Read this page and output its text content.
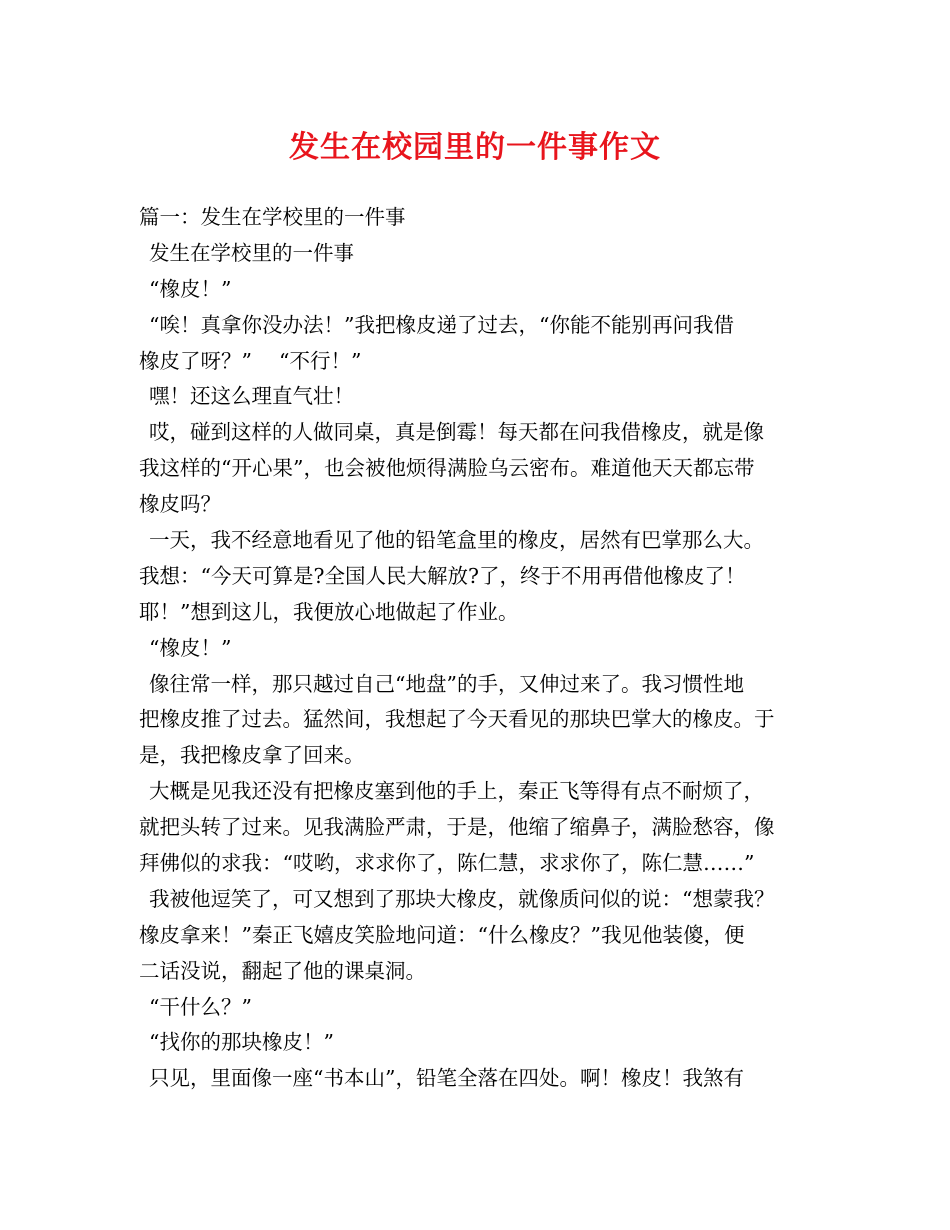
发生在校园里的一件事作文
篇一：发生在学校里的一件事
发生在学校里的一件事
“橡皮！”
“唉！真拿你没办法！”我把橡皮递了过去，“你能不能别再问我借
橡皮了呀？”　 “不行！”
嘿！还这么理直气壮！
哎，碰到这样的人做同桌，真是倒霉！每天都在问我借橡皮，就是像
我这样的“开心果”，也会被他烦得满脸乌云密布。难道他天天都忘带
橡皮吗？
一天，我不经意地看见了他的铅笔盒里的橡皮，居然有巴掌那么大。
我想：“今天可算是?全国人民大解放?了，终于不用再借他橡皮了！
耶！”想到这儿，我便放心地做起了作业。
“橡皮！”
像往常一样，那只越过自己“地盘”的手，又伸过来了。我习惯性地
把橡皮推了过去。猛然间，我想起了今天看见的那块巴掌大的橡皮。于
是，我把橡皮拿了回来。
大概是见我还没有把橡皮塞到他的手上，秦正飞等得有点不耐烦了，
就把头转了过来。见我满脸严肃，于是，他缩了缩鼻子，满脸愁容，像
拜佛似的求我：“哎哟，求求你了，陈仁慧，求求你了，陈仁慧……”
我被他逗笑了，可又想到了那块大橡皮，就像质问似的说：“想蒙我？
橡皮拿来！”秦正飞嬉皮笑脸地问道：“什么橡皮？”我见他装傻，便
二话没说，翻起了他的课桌洞。
“干什么？”
“找你的那块橡皮！”
只见，里面像一座“书本山”，铅笔全落在四处。啊！橡皮！我煞有
